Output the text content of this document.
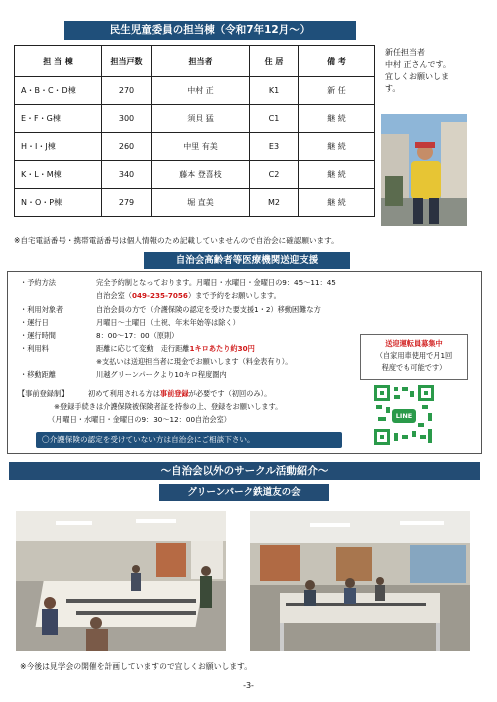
民生児童委員の担当棟（令和7年12月～）
担 当 棟	担当戸数	担当者	住 居	備 考
A・B・C・D棟	270	中村 正	K1	新 任
E・F・G棟	300	須貝 猛	C1	継 続
H・I・J棟	260	中里 有美	E3	継 続
K・L・M棟	340	藤本 登喜枝	C2	継 続
N・O・P棟	279	堀 直美	M2	継 続
新任担当者
中村 正さんです。
宜しくお願いしま
す。
※自宅電話番号・携帯電話番号は個人情報のため記載していませんので自治会に確認願います。
自治会高齢者等医療機関送迎支援
・予約方法	完全予約制となっております。月曜日・水曜日・金曜日の9：45～11：45
自治会室（049-235-7056）まで予約をお願いします。
・利用対象者	自治会員の方で（介護保険の認定を受けた要支援1・2）移動困難な方
・運行日	月曜日～土曜日（土祝、年末年始等は除く）
・運行時間	8：00～17：00（原則）
・利用料	距離に応じて変動　走行距離1キロあたり約30円
※支払いは送迎担当者に現金でお願いします（料金表有り）。
・移動距離	川越グリーンパークより10キロ程度圏内
【事前登録制】	初めて利用される方は事前登録が必要です（初回のみ）。
※登録手続きは介護保険被保険者証を持参の上、登録をお願いします。
（月曜日・水曜日・金曜日の9：30～12：00自治会室）
〇介護保険の認定を受けていない方は自治会にご相談下さい。
送迎運転員募集中
（自家用車使用で月1回
程度でも可能です）
LINE
～自治会以外のサークル活動紹介～
グリーンパーク鉄道友の会
※今後は見学会の開催を計画していますので宜しくお願いします。
-3-
